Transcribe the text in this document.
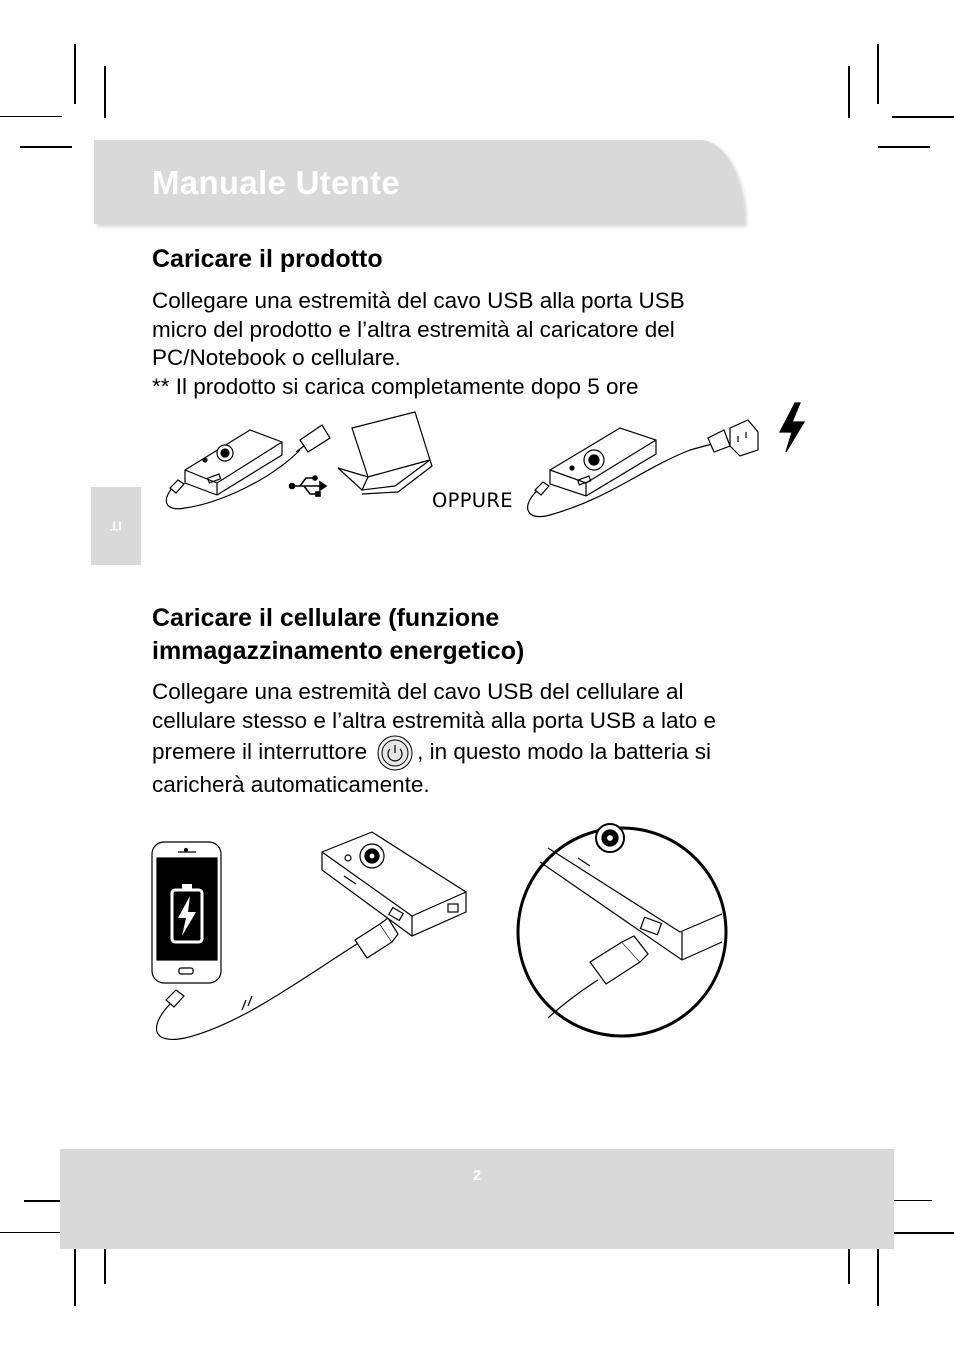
Manuale Utente
IT
Caricare il prodotto
Collegare una estremità del cavo USB alla porta USB
micro del prodotto e l’altra estremità al caricatore del
PC/Notebook o cellulare.
** Il prodotto si carica completamente dopo 5 ore
OPPURE
Caricare il cellulare (funzione
immagazzinamento energetico)
Collegare una estremità del cavo USB del cellulare al
cellulare stesso e l’altra estremità alla porta USB a lato e
premere il interruttore , in questo modo la batteria si
caricherà automaticamente.
2
